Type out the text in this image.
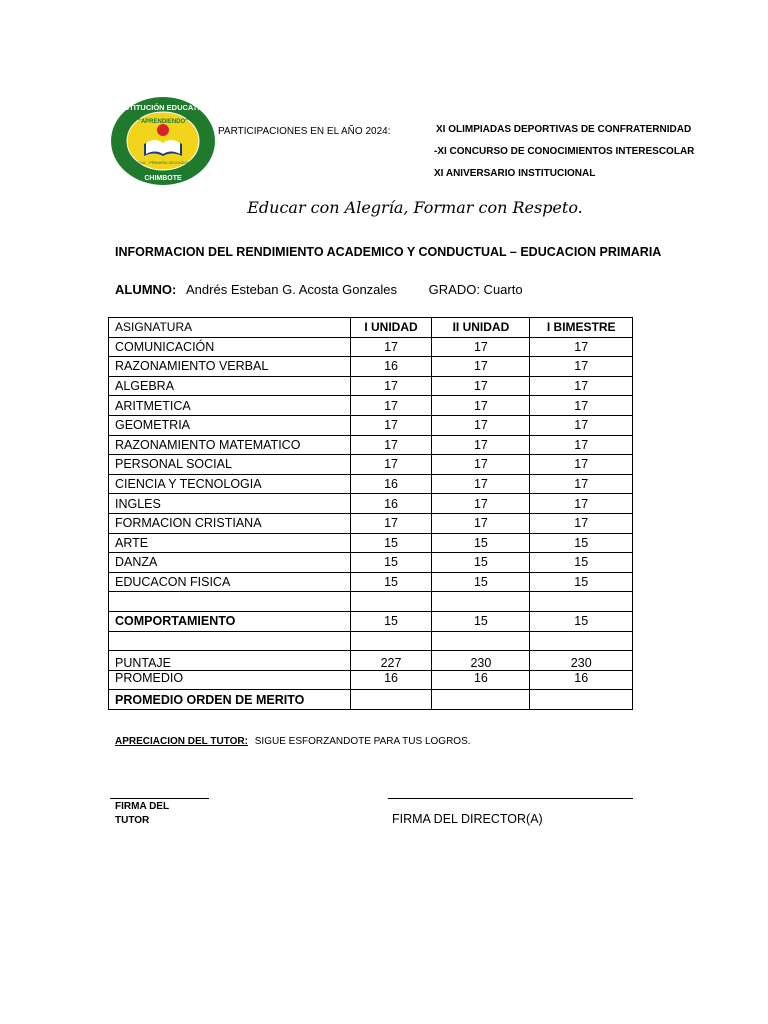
INSTITUCIÓN EDUCATIVA
"APRENDIENDO"
INICIAL - PRIMARIA SECUNDARIA
CHIMBOTE
PARTICIPACIONES EN EL AÑO 2024:	XI OLIMPIADAS DEPORTIVAS DE CONFRATERNIDAD
-XI CONCURSO DE CONOCIMIENTOS INTERESCOLAR
XI ANIVERSARIO INSTITUCIONAL
Educar con Alegría, Formar con Respeto.
INFORMACION DEL RENDIMIENTO ACADEMICO Y CONDUCTUAL – EDUCACION PRIMARIA
ALUMNO: Andrés Esteban G. Acosta Gonzales GRADO: Cuarto
ASIGNATURA	I UNIDAD	II UNIDAD	I BIMESTRE
COMUNICACIÓN	17	17	17
RAZONAMIENTO VERBAL	16	17	17
ALGEBRA	17	17	17
ARITMETICA	17	17	17
GEOMETRIA	17	17	17
RAZONAMIENTO MATEMATICO	17	17	17
PERSONAL SOCIAL	17	17	17
CIENCIA Y TECNOLOGIA	16	17	17
INGLES	16	17	17
FORMACION CRISTIANA	17	17	17
ARTE	15	15	15
DANZA	15	15	15
EDUCACON FISICA	15	15	15

COMPORTAMIENTO	15	15	15

PUNTAJE	227	230	230
PROMEDIO	16	16	16
PROMEDIO ORDEN DE MERITO			
APRECIACION DEL TUTOR: SIGUE ESFORZANDOTE PARA TUS LOGROS.
FIRMA DEL TUTOR	FIRMA DEL DIRECTOR(A)
